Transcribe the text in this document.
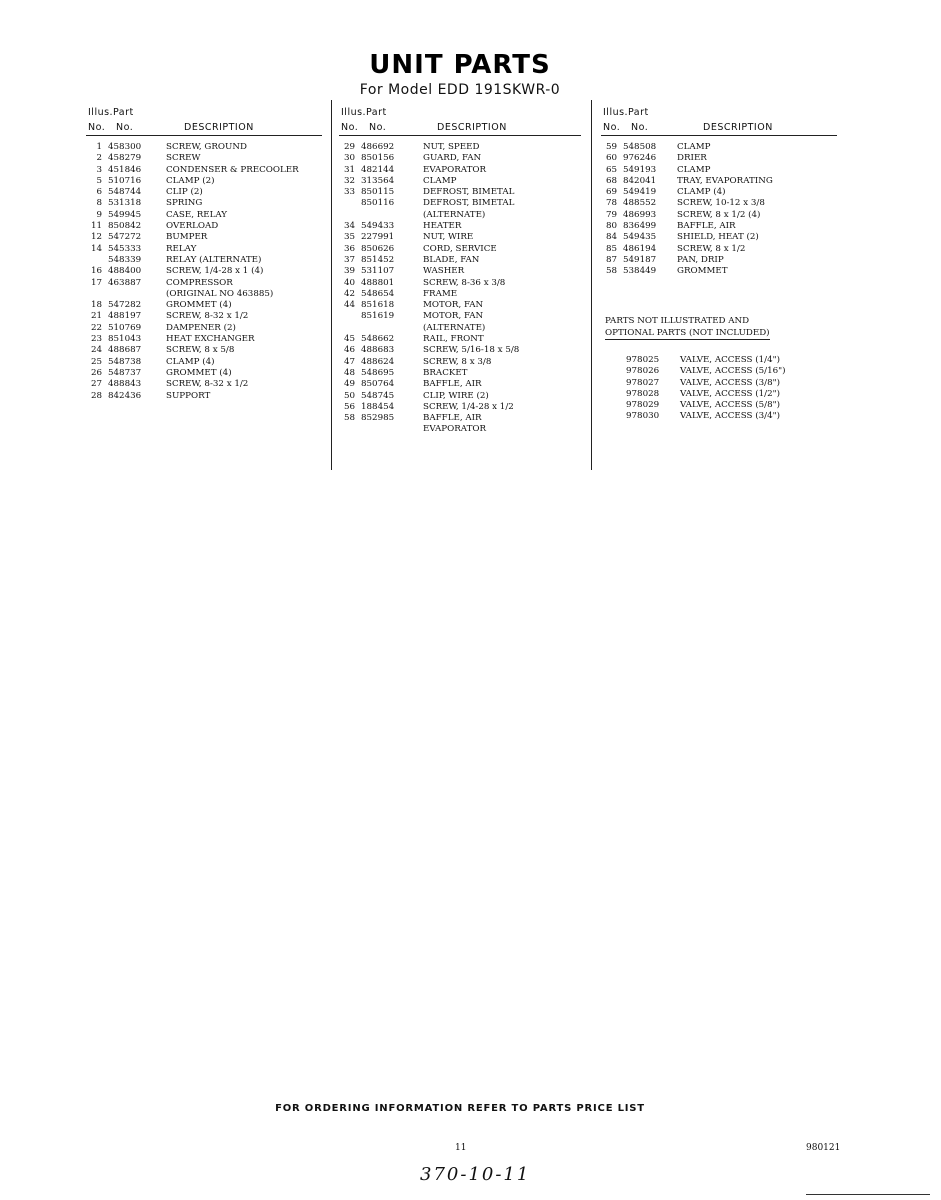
UNIT PARTS
For Model EDD 191SKWR-0
Illus. Part
No. No.	DESCRIPTION
1 458300	SCREW, GROUND
2 458279	SCREW
3 451846	CONDENSER & PRECOOLER
5 510716	CLAMP (2)
6 548744	CLIP (2)
8 531318	SPRING
9 549945	CASE, RELAY
11 850842	OVERLOAD
12 547272	BUMPER
14 545333	RELAY
548339	RELAY (ALTERNATE)
16 488400	SCREW, 1/4-28 x 1 (4)
17 463887	COMPRESSOR
(ORIGINAL NO 463885)
18 547282	GROMMET (4)
21 488197	SCREW, 8-32 x 1/2
22 510769	DAMPENER (2)
23 851043	HEAT EXCHANGER
24 488687	SCREW, 8 x 5/8
25 548738	CLAMP (4)
26 548737	GROMMET (4)
27 488843	SCREW, 8-32 x 1/2
28 842436	SUPPORT
Illus. Part
No. No.	DESCRIPTION
29 486692	NUT, SPEED
30 850156	GUARD, FAN
31 482144	EVAPORATOR
32 313564	CLAMP
33 850115	DEFROST, BIMETAL
850116	DEFROST, BIMETAL
(ALTERNATE)
34 549433	HEATER
35 227991	NUT, WIRE
36 850626	CORD, SERVICE
37 851452	BLADE, FAN
39 531107	WASHER
40 488801	SCREW, 8-36 x 3/8
42 548654	FRAME
44 851618	MOTOR, FAN
851619	MOTOR, FAN
(ALTERNATE)
45 548662	RAIL, FRONT
46 488683	SCREW, 5/16-18 x 5/8
47 488624	SCREW, 8 x 3/8
48 548695	BRACKET
49 850764	BAFFLE, AIR
50 548745	CLIP, WIRE (2)
56 188454	SCREW, 1/4-28 x 1/2
58 852985	BAFFLE, AIR
EVAPORATOR
Illus. Part
No. No.	DESCRIPTION
59 548508 CLAMP
60 976246 DRIER
65 549193 CLAMP
68 842041 TRAY, EVAPORATING
69 549419 CLAMP (4)
78 488552 SCREW, 10-12 x 3/8
79 486993 SCREW, 8 x 1/2 (4)
80 836499 BAFFLE, AIR
84 549435 SHIELD, HEAT (2)
85 486194 SCREW, 8 x 1/2
87 549187 PAN, DRIP
58 538449 GROMMET
PARTS NOT ILLUSTRATED AND
OPTIONAL PARTS (NOT INCLUDED)
978025 VALVE, ACCESS (1/4")
978026 VALVE, ACCESS (5/16")
978027 VALVE, ACCESS (3/8")
978028 VALVE, ACCESS (1/2")
978029 VALVE, ACCESS (5/8")
978030 VALVE, ACCESS (3/4")
FOR ORDERING INFORMATION REFER TO PARTS PRICE LIST
11	980121
370-10-11
